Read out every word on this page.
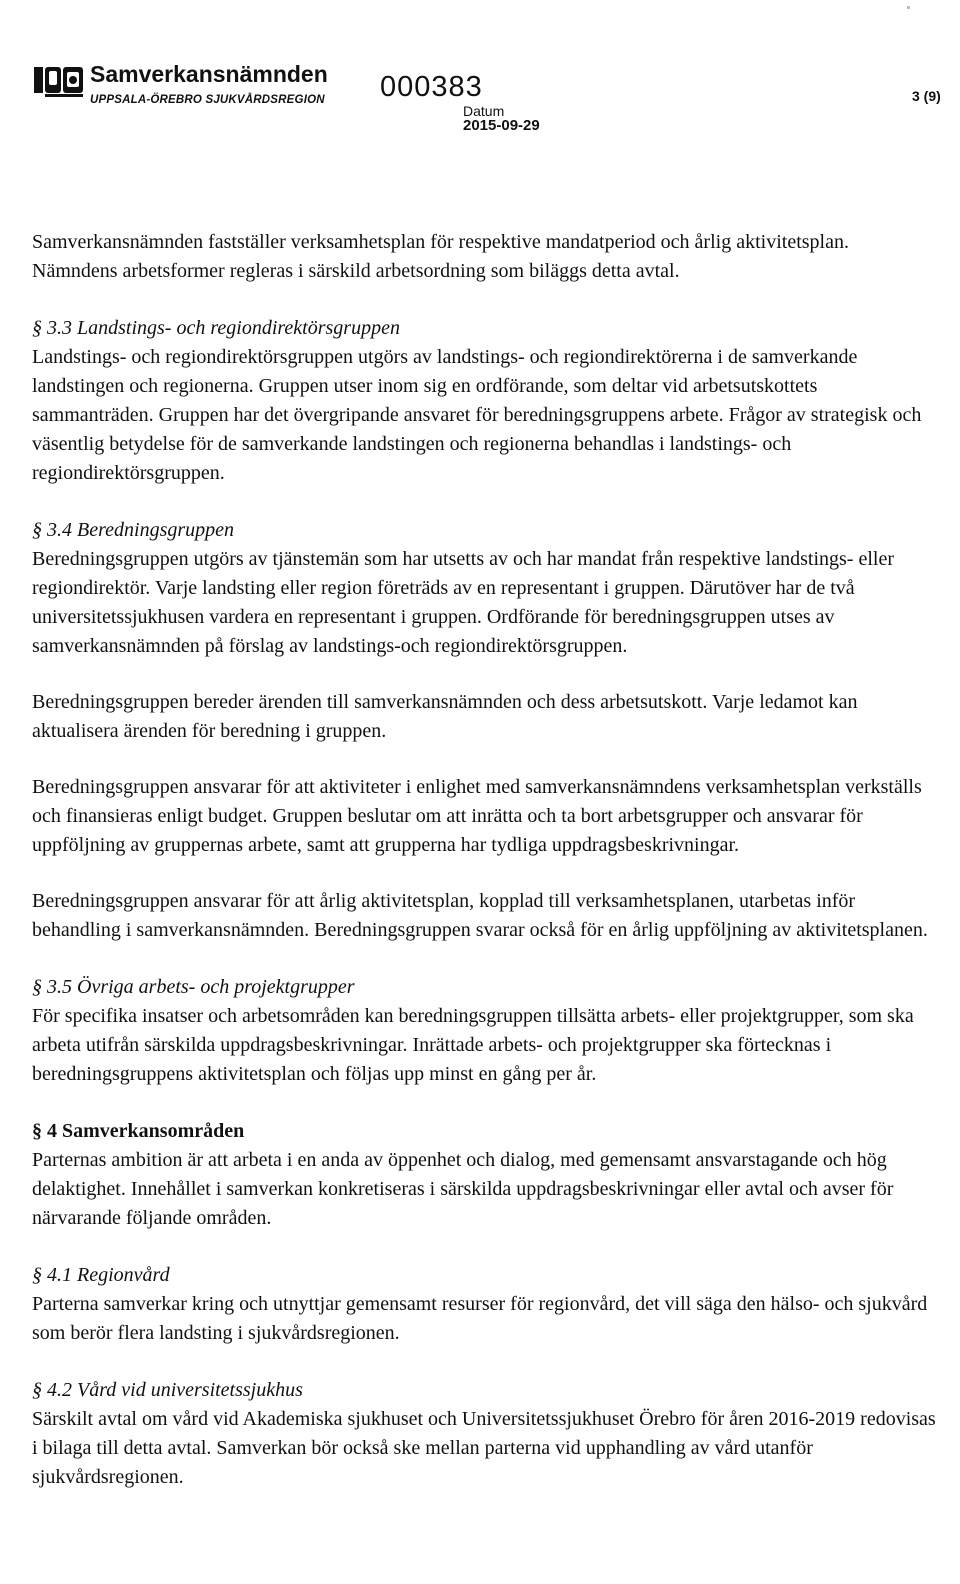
Samverkansnämnden
UPPSALA-ÖREBRO SJUKVÅRDSREGION 000383
Datum
2015-09-29
3 (9)

Samverkansnämnden fastställer verksamhetsplan för respektive mandatperiod och årlig aktivitetsplan. Nämndens arbetsformer regleras i särskild arbetsordning som biläggs detta avtal.

§ 3.3 Landstings- och regiondirektörsgruppen

Landstings- och regiondirektörsgruppen utgörs av landstings- och regiondirektörerna i de samverkande landstingen och regionerna. Gruppen utser inom sig en ordförande, som deltar vid arbetsutskottets sammanträden. Gruppen har det övergripande ansvaret för beredningsgruppens arbete. Frågor av strategisk och väsentlig betydelse för de samverkande landstingen och regionerna behandlas i landstings- och regiondirektörsgruppen.

§ 3.4 Beredningsgruppen

Beredningsgruppen utgörs av tjänstemän som har utsetts av och har mandat från respektive landstings- eller regiondirektör. Varje landsting eller region företräds av en representant i gruppen. Därutöver har de två universitetssjukhusen vardera en representant i gruppen. Ordförande för beredningsgruppen utses av samverkansnämnden på förslag av landstings-och regiondirektörsgruppen.

Beredningsgruppen bereder ärenden till samverkansnämnden och dess arbetsutskott. Varje ledamot kan aktualisera ärenden för beredning i gruppen.

Beredningsgruppen ansvarar för att aktiviteter i enlighet med samverkansnämndens verksamhetsplan verkställs och finansieras enligt budget. Gruppen beslutar om att inrätta och ta bort arbetsgrupper och ansvarar för uppföljning av gruppernas arbete, samt att grupperna har tydliga uppdragsbeskrivningar.

Beredningsgruppen ansvarar för att årlig aktivitetsplan, kopplad till verksamhetsplanen, utarbetas inför behandling i samverkansnämnden. Beredningsgruppen svarar också för en årlig uppföljning av aktivitetsplanen.

§ 3.5 Övriga arbets- och projektgrupper

För specifika insatser och arbetsområden kan beredningsgruppen tillsätta arbets- eller projektgrupper, som ska arbeta utifrån särskilda uppdragsbeskrivningar. Inrättade arbets- och projektgrupper ska förtecknas i beredningsgruppens aktivitetsplan och följas upp minst en gång per år.

§ 4 Samverkansområden

Parternas ambition är att arbeta i en anda av öppenhet och dialog, med gemensamt ansvarstagande och hög delaktighet. Innehållet i samverkan konkretiseras i särskilda uppdragsbeskrivningar eller avtal och avser för närvarande följande områden.

§ 4.1 Regionvård

Parterna samverkar kring och utnyttjar gemensamt resurser för regionvård, det vill säga den hälso- och sjukvård som berör flera landsting i sjukvårdsregionen.

§ 4.2 Vård vid universitetssjukhus

Särskilt avtal om vård vid Akademiska sjukhuset och Universitetssjukhuset Örebro för åren 2016-2019 redovisas i bilaga till detta avtal. Samverkan bör också ske mellan parterna vid upphandling av vård utanför sjukvårdsregionen.
